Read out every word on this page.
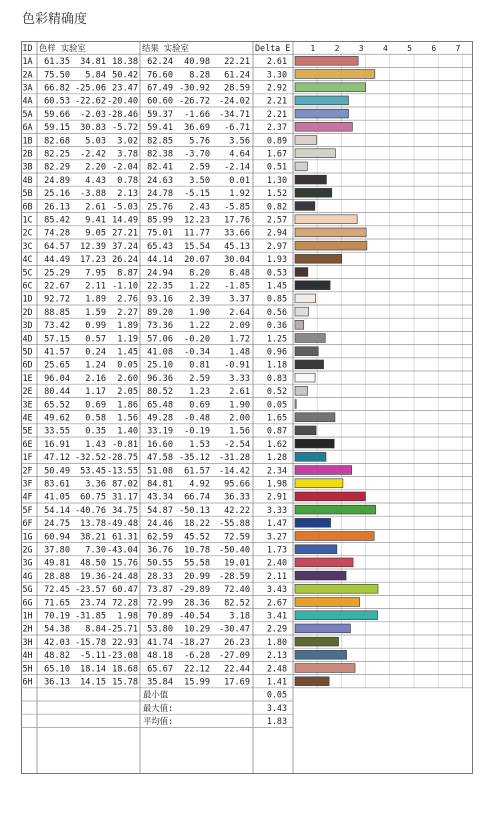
色彩精确度
ID 色样 实验室	结果 实验室	Delta E	1 2 3 4 5 6 7
1A 61.35 34.81 18.38 62.24 40.98 22.21 2.61
2A 75.50 5.84 50.42 76.60 8.28 61.24 3.30
3A 66.82 -25.06 23.47 67.49 -30.92 28.59 2.92
4A 60.53 -22.62 -20.40 60.60 -26.72 -24.02 2.21
5A 59.66 -2.03 -28.46 59.37 -1.66 -34.71 2.21
6A 59.15 30.83 -5.72 59.41 36.69 -6.71 2.37
1B 82.68 5.03 3.02 82.85 5.76 3.56 0.89
2B 82.25 -2.42 3.78 82.38 -3.70 4.64 1.67
3B 82.29 2.20 -2.04 82.41 2.59 -2.14 0.51
4B 24.89 4.43 0.78 24.63 3.50 0.01 1.30
5B 25.16 -3.88 2.13 24.78 -5.15 1.92 1.52
6B 26.13 2.61 -5.03 25.76 2.43 -5.85 0.82
1C 85.42 9.41 14.49 85.99 12.23 17.76 2.57
2C 74.28 9.05 27.21 75.01 11.77 33.66 2.94
3C 64.57 12.39 37.24 65.43 15.54 45.13 2.97
4C 44.49 17.23 26.24 44.14 20.07 30.04 1.93
5C 25.29 7.95 8.87 24.94 8.20 8.48 0.53
6C 22.67 2.11 -1.10 22.35 1.22 -1.85 1.45
1D 92.72 1.89 2.76 93.16 2.39 3.37 0.85
2D 88.85 1.59 2.27 89.20 1.90 2.64 0.56
3D 73.42 0.99 1.89 73.36 1.22 2.09 0.36
4D 57.15 0.57 1.19 57.06 -0.20 1.72 1.25
5D 41.57 0.24 1.45 41.08 -0.34 1.48 0.96
6D 25.65 1.24 0.05 25.10 0.81 -0.91 1.18
1E 96.04 2.16 2.60 96.36 2.59 3.33 0.83
2E 80.44 1.17 2.05 80.52 1.23 2.61 0.52
3E 65.52 0.69 1.86 65.48 0.69 1.90 0.05
4E 49.62 0.58 1.56 49.28 -0.48 2.00 1.65
5E 33.55 0.35 1.40 33.19 -0.19 1.56 0.87
6E 16.91 1.43 -0.81 16.60 1.53 -2.54 1.62
1F 47.12 -32.52 -28.75 47.58 -35.12 -31.28 1.28
2F 50.49 53.45 -13.55 51.08 61.57 -14.42 2.34
3F 83.61 3.36 87.02 84.81 4.92 95.66 1.98
4F 41.05 60.75 31.17 43.34 66.74 36.33 2.91
5F 54.14 -40.76 34.75 54.87 -50.13 42.22 3.33
6F 24.75 13.78 -49.48 24.46 18.22 -55.88 1.47
1G 60.94 38.21 61.31 62.59 45.52 72.59 3.27
2G 37.80 7.30 -43.04 36.76 10.78 -50.40 1.73
3G 49.81 48.50 15.76 50.55 55.58 19.01 2.40
4G 28.88 19.36 -24.48 28.33 20.99 -28.59 2.11
5G 72.45 -23.57 60.47 73.87 -29.89 72.40 3.43
6G 71.65 23.74 72.28 72.99 28.36 82.52 2.67
1H 70.19 -31.85 1.98 70.89 -40.54 3.18 3.41
2H 54.38 8.84 -25.71 53.80 10.29 -30.47 2.29
3H 42.03 -15.78 22.93 41.74 -18.27 26.23 1.80
4H 48.82 -5.11 -23.08 48.18 -6.28 -27.09 2.13
5H 65.10 18.14 18.68 65.67 22.12 22.44 2.48
6H 36.13 14.15 15.78 35.84 15.99 17.69 1.41
最小值	0.05
最大值:	3.43
平均值:	1.83
